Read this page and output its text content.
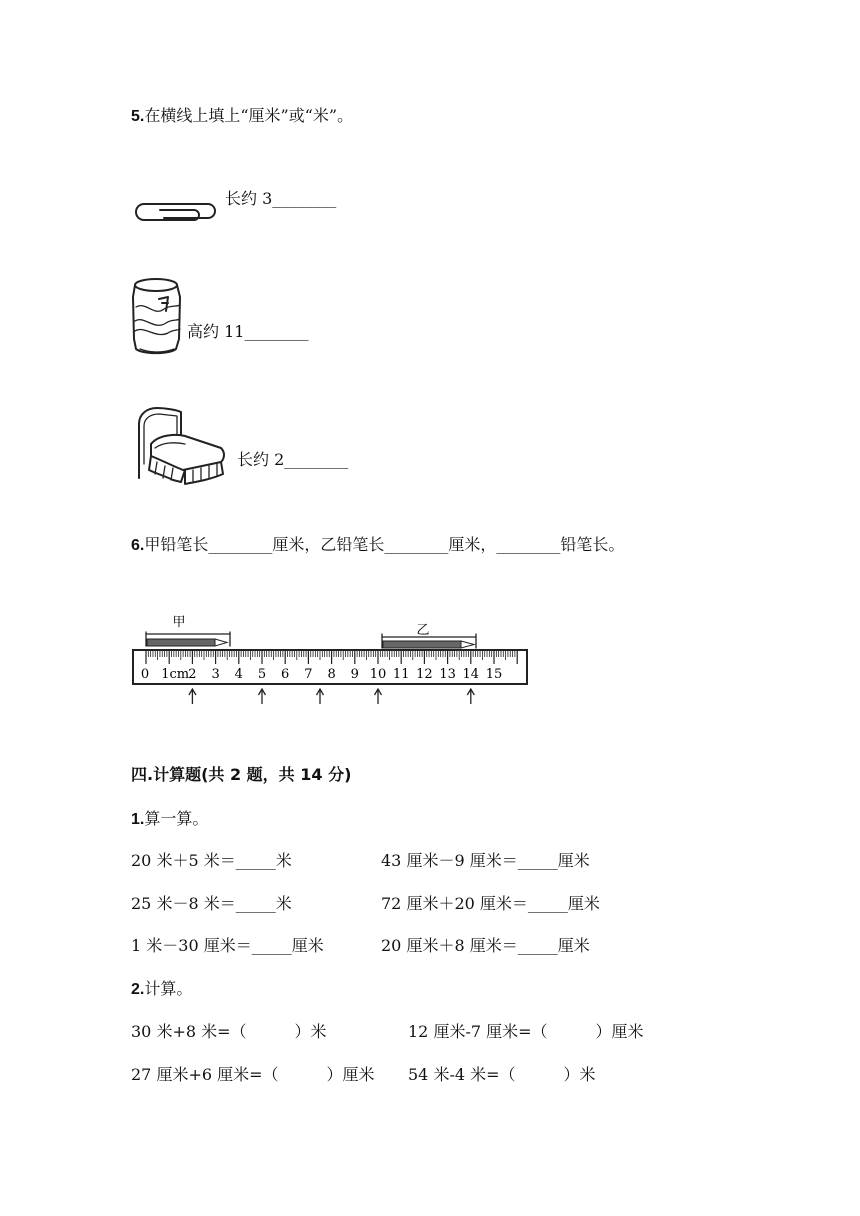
5.在横线上填上“厘米”或“米”。
长约 3________
高约 11________
长约 2________
6.甲铅笔长________厘米，乙铅笔长________厘米，________铅笔长。
甲
乙
0 1cm 2 3 4 5 6 7 8 9 10 11 12 13 14 15
四.计算题(共 2 题，共 14 分)
1.算一算。
20 米＋5 米＝_____米	43 厘米－9 厘米＝_____厘米
25 米－8 米＝_____米	72 厘米＋20 厘米＝_____厘米
1 米－30 厘米＝_____厘米	20 厘米＋8 厘米＝_____厘米
2.计算。
30 米+8 米=（　　　）米	12 厘米-7 厘米=（　　　）厘米
27 厘米+6 厘米=（　　　）厘米 54 米-4 米=（　　　）米
